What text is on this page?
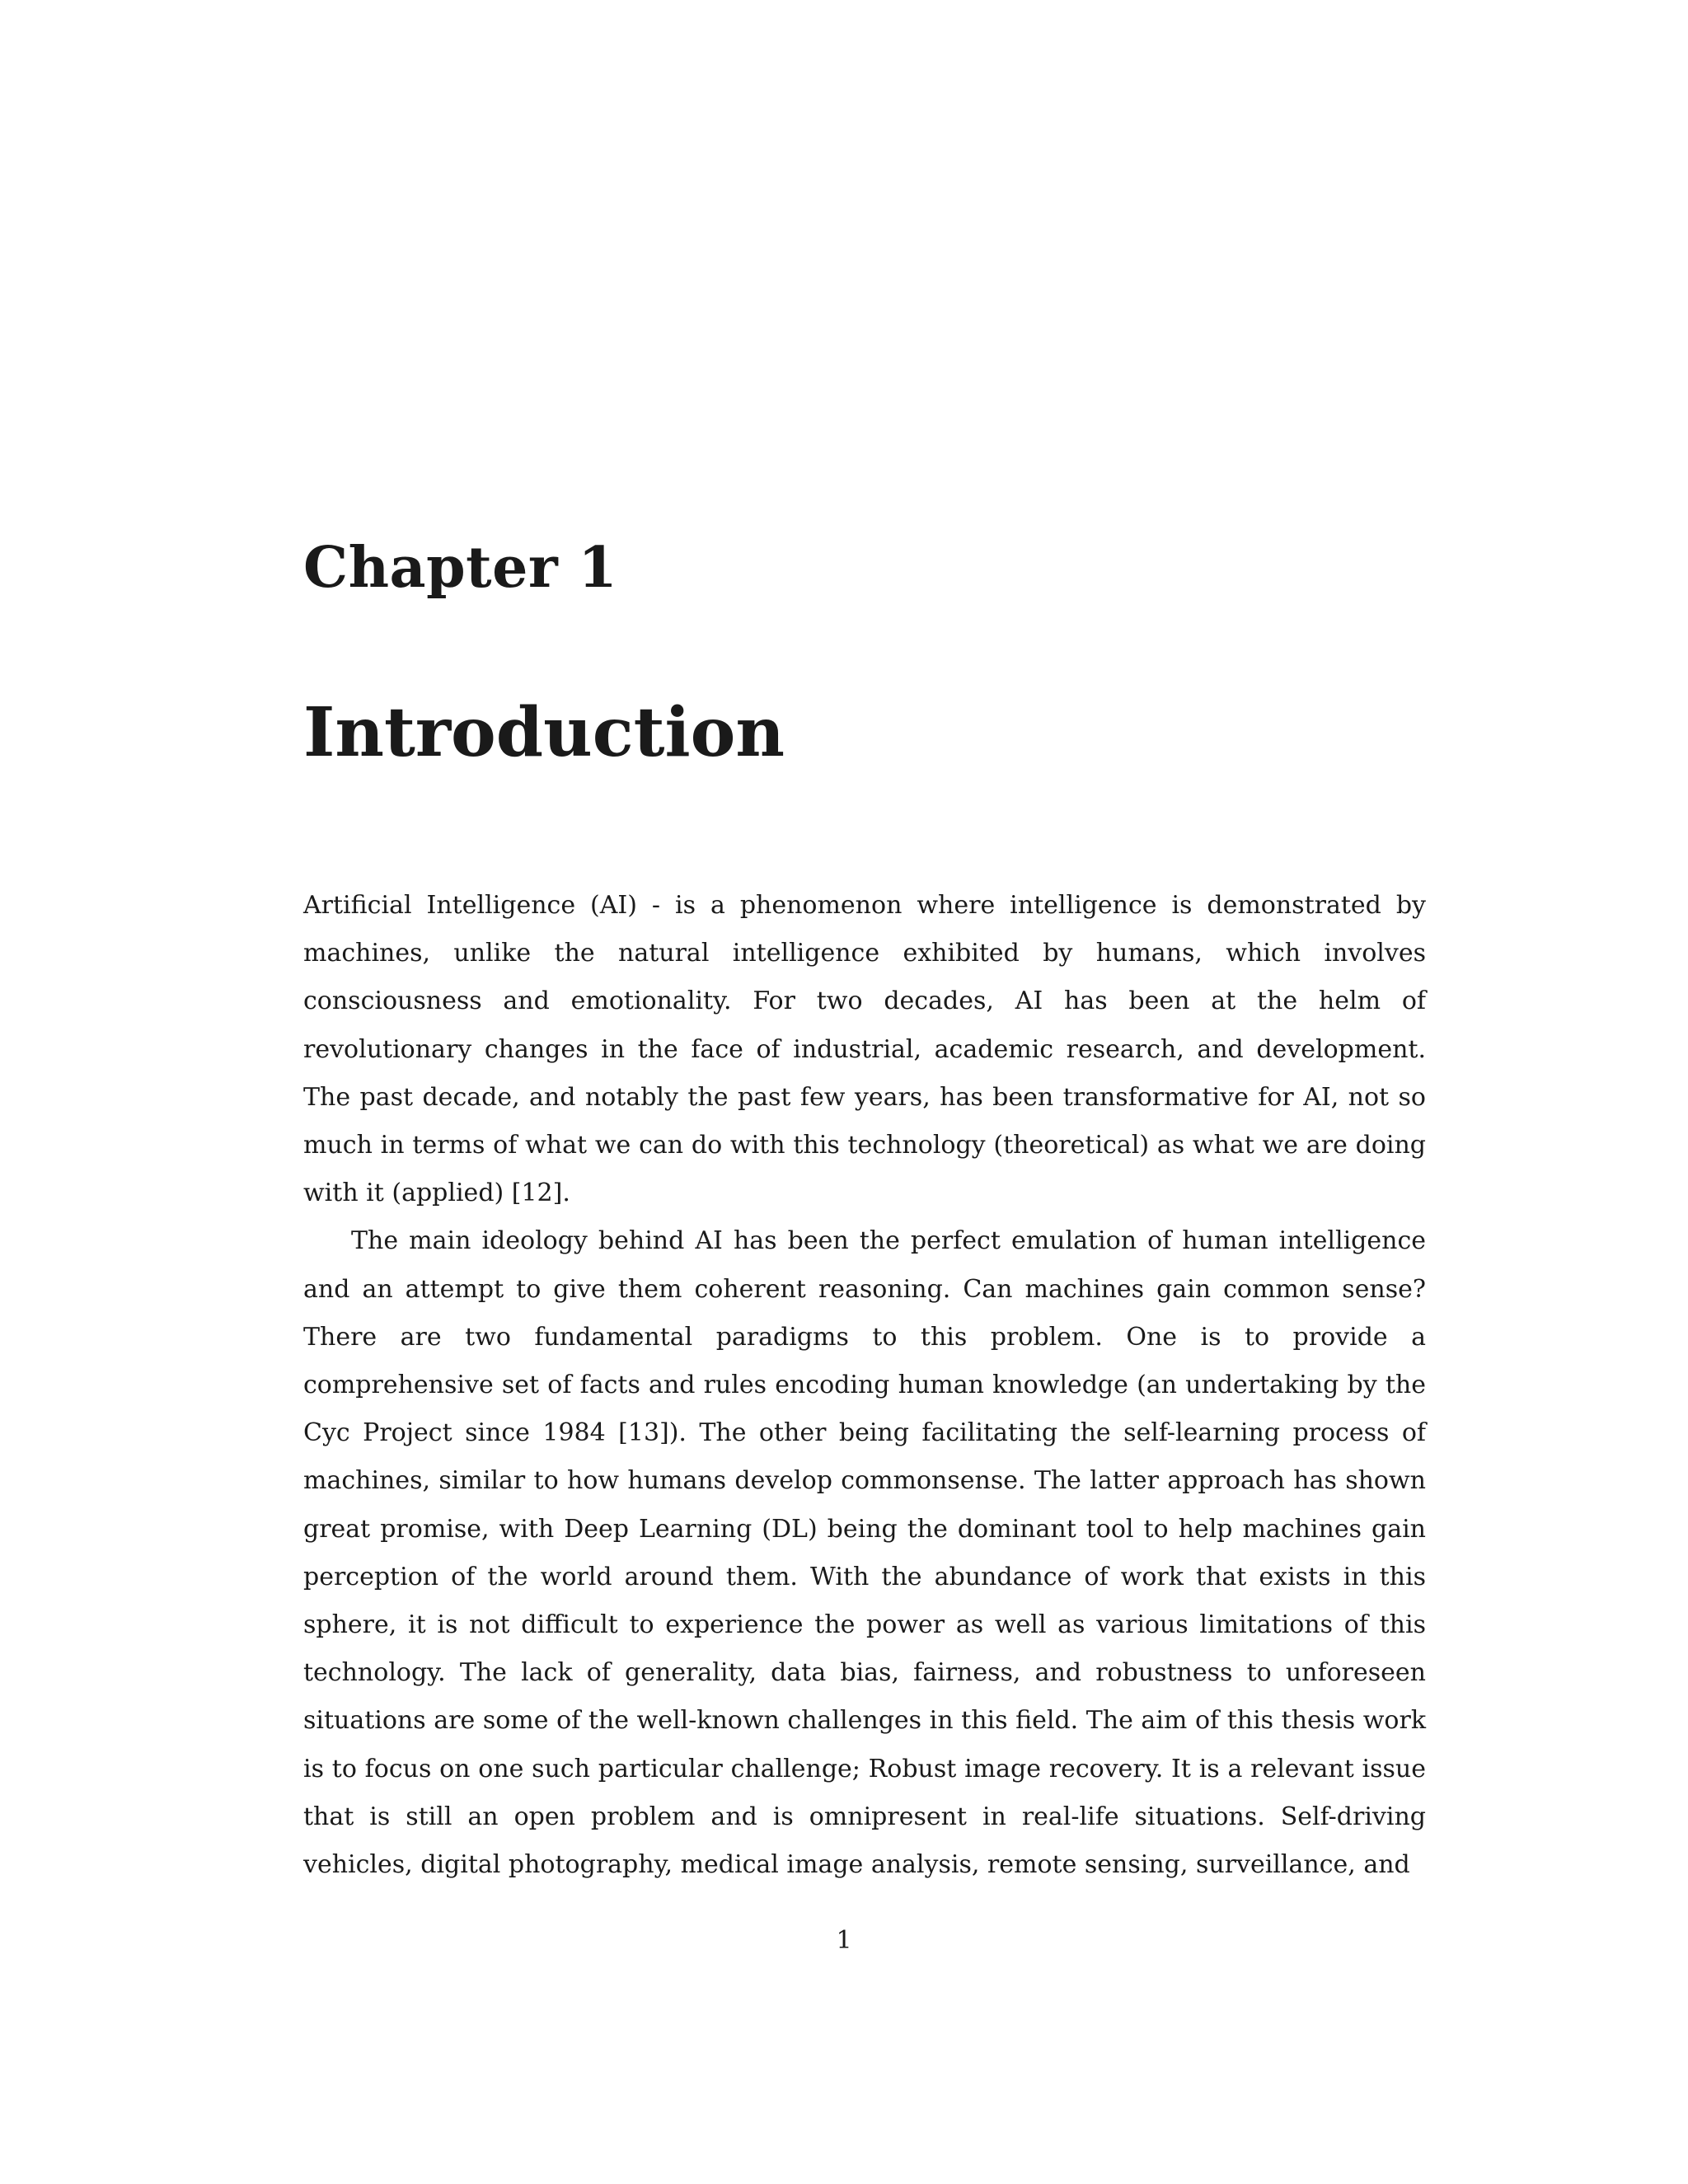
Chapter 1
Introduction

Artificial Intelligence (AI) - is a phenomenon where intelligence is demonstrated by machines, unlike the natural intelligence exhibited by humans, which involves consciousness and emotionality. For two decades, AI has been at the helm of revolutionary changes in the face of industrial, academic research, and development. The past decade, and notably the past few years, has been transformative for AI, not so much in terms of what we can do with this technology (theoretical) as what we are doing with it (applied) [12].

The main ideology behind AI has been the perfect emulation of human intelligence and an attempt to give them coherent reasoning. Can machines gain common sense? There are two fundamental paradigms to this problem. One is to provide a comprehensive set of facts and rules encoding human knowledge (an undertaking by the Cyc Project since 1984 [13]). The other being facilitating the self-learning process of machines, similar to how humans develop commonsense. The latter approach has shown great promise, with Deep Learning (DL) being the dominant tool to help machines gain perception of the world around them. With the abundance of work that exists in this sphere, it is not difficult to experience the power as well as various limitations of this technology. The lack of generality, data bias, fairness, and robustness to unforeseen situations are some of the well-known challenges in this field. The aim of this thesis work is to focus on one such particular challenge; Robust image recovery. It is a relevant issue that is still an open problem and is omnipresent in real-life situations. Self-driving vehicles, digital photography, medical image analysis, remote sensing, surveillance, and

1
